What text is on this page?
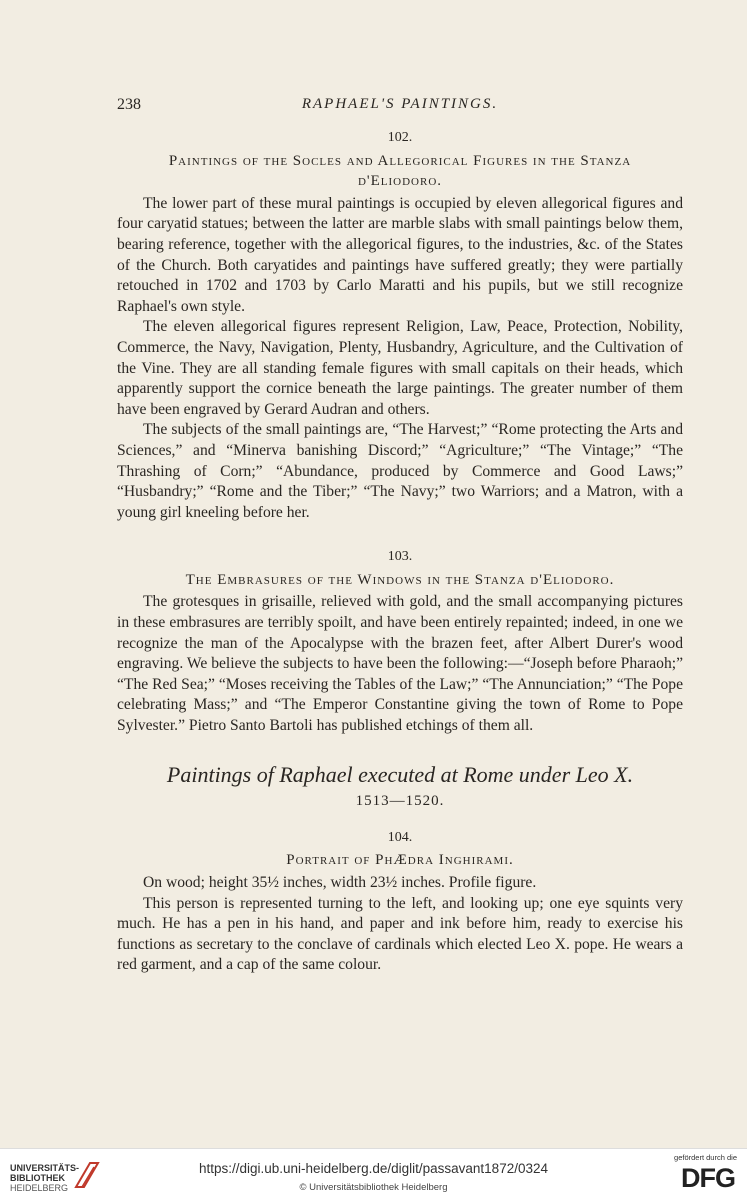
238	RAPHAEL'S PAINTINGS.

102.

Paintings of the Socles and Allegorical Figures in the Stanza

d'Eliodoro.

The lower part of these mural paintings is occupied by eleven allegorical figures and four caryatid statues; between the latter are marble slabs with small paintings below them, bearing reference, together with the allegorical figures, to the industries, &c. of the States of the Church. Both caryatides and paintings have suffered greatly; they were partially retouched in 1702 and 1703 by Carlo Maratti and his pupils, but we still recognize Raphael's own style.

The eleven allegorical figures represent Religion, Law, Peace, Protection, Nobility, Commerce, the Navy, Navigation, Plenty, Husbandry, Agriculture, and the Cultivation of the Vine. They are all standing female figures with small capitals on their heads, which apparently support the cornice beneath the large paintings. The greater number of them have been engraved by Gerard Audran and others.

The subjects of the small paintings are, “The Harvest;” “Rome protecting the Arts and Sciences,” and “Minerva banishing Discord;” “Agriculture;” “The Vintage;” “The Thrashing of Corn;” “Abundance, produced by Commerce and Good Laws;” “Husbandry;” “Rome and the Tiber;” “The Navy;” two Warriors; and a Matron, with a young girl kneeling before her.

103.

The Embrasures of the Windows in the Stanza d'Eliodoro.

The grotesques in grisaille, relieved with gold, and the small accompanying pictures in these embrasures are terribly spoilt, and have been entirely repainted; indeed, in one we recognize the man of the Apocalypse with the brazen feet, after Albert Durer's wood engraving. We believe the subjects to have been the following:—“Joseph before Pharaoh;” “The Red Sea;” “Moses receiving the Tables of the Law;” “The Annunciation;” “The Pope celebrating Mass;” and “The Emperor Constantine giving the town of Rome to Pope Sylvester.” Pietro Santo Bartoli has published etchings of them all.

Paintings of Raphael executed at Rome under Leo X.
1513—1520.

104.

Portrait of PhÆdra Inghirami.

On wood; height 35½ inches, width 23½ inches. Profile figure.

This person is represented turning to the left, and looking up; one eye squints very much. He has a pen in his hand, and paper and ink before him, ready to exercise his functions as secretary to the conclave of cardinals which elected Leo X. pope. He wears a red garment, and a cap of the same colour.

UNIVERSITÄTS-
BIBLIOTHEK
HEIDELBERG
https://digi.ub.uni-heidelberg.de/diglit/passavant1872/0324
© Universitätsbibliothek Heidelberg
gefördert durch die
DFG
